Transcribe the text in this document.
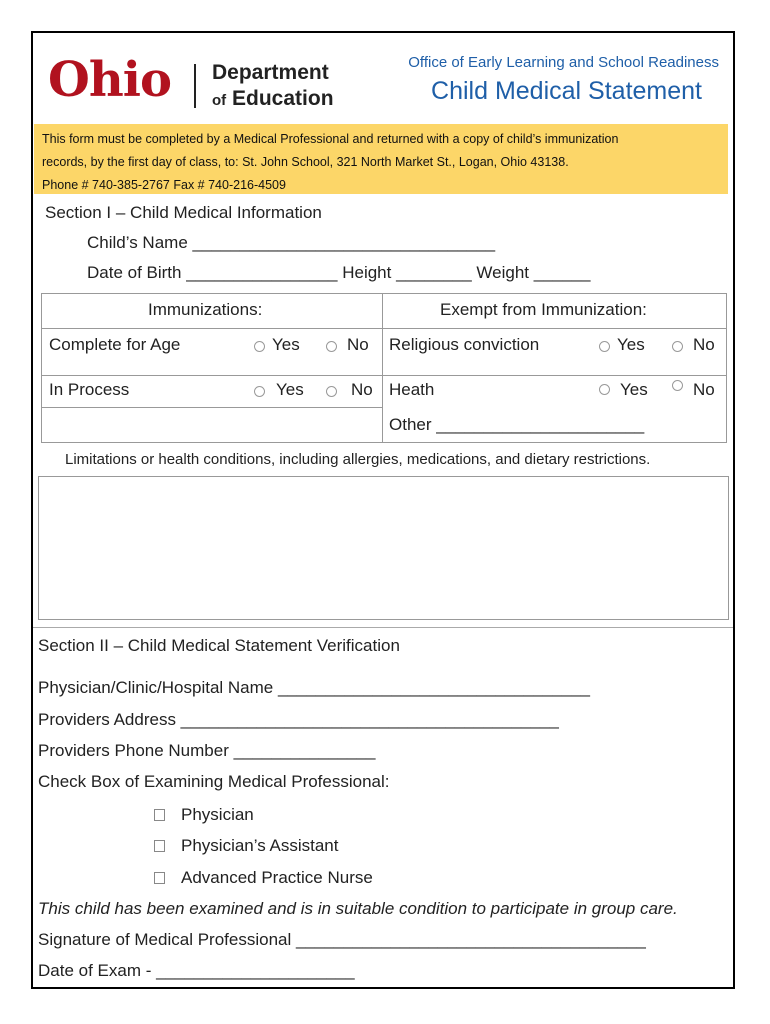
Ohio Department
of Education
Office of Early Learning and School Readiness
Child Medical Statement
This form must be completed by a Medical Professional and returned with a copy of child’s immunization
records, by the first day of class, to: St. John School, 321 North Market St., Logan, Ohio 43138.
Phone # 740-385-2767 Fax # 740-216-4509
Section I – Child Medical Information
Child’s Name ________________________________
Date of Birth ________________ Height ________ Weight ______
Immunizations:	Exempt from Immunization:
Complete for Age	Yes	No Religious conviction	Yes	No
In Process	Yes	No Heath	Yes	No
Other ______________________
Limitations or health conditions, including allergies, medications, and dietary restrictions.
Section II – Child Medical Statement Verification
Physician/Clinic/Hospital Name _________________________________
Providers Address ________________________________________
Providers Phone Number _______________
Check Box of Examining Medical Professional:
Physician
Physician’s Assistant
Advanced Practice Nurse
This child has been examined and is in suitable condition to participate in group care.
Signature of Medical Professional _____________________________________
Date of Exam - _____________________
